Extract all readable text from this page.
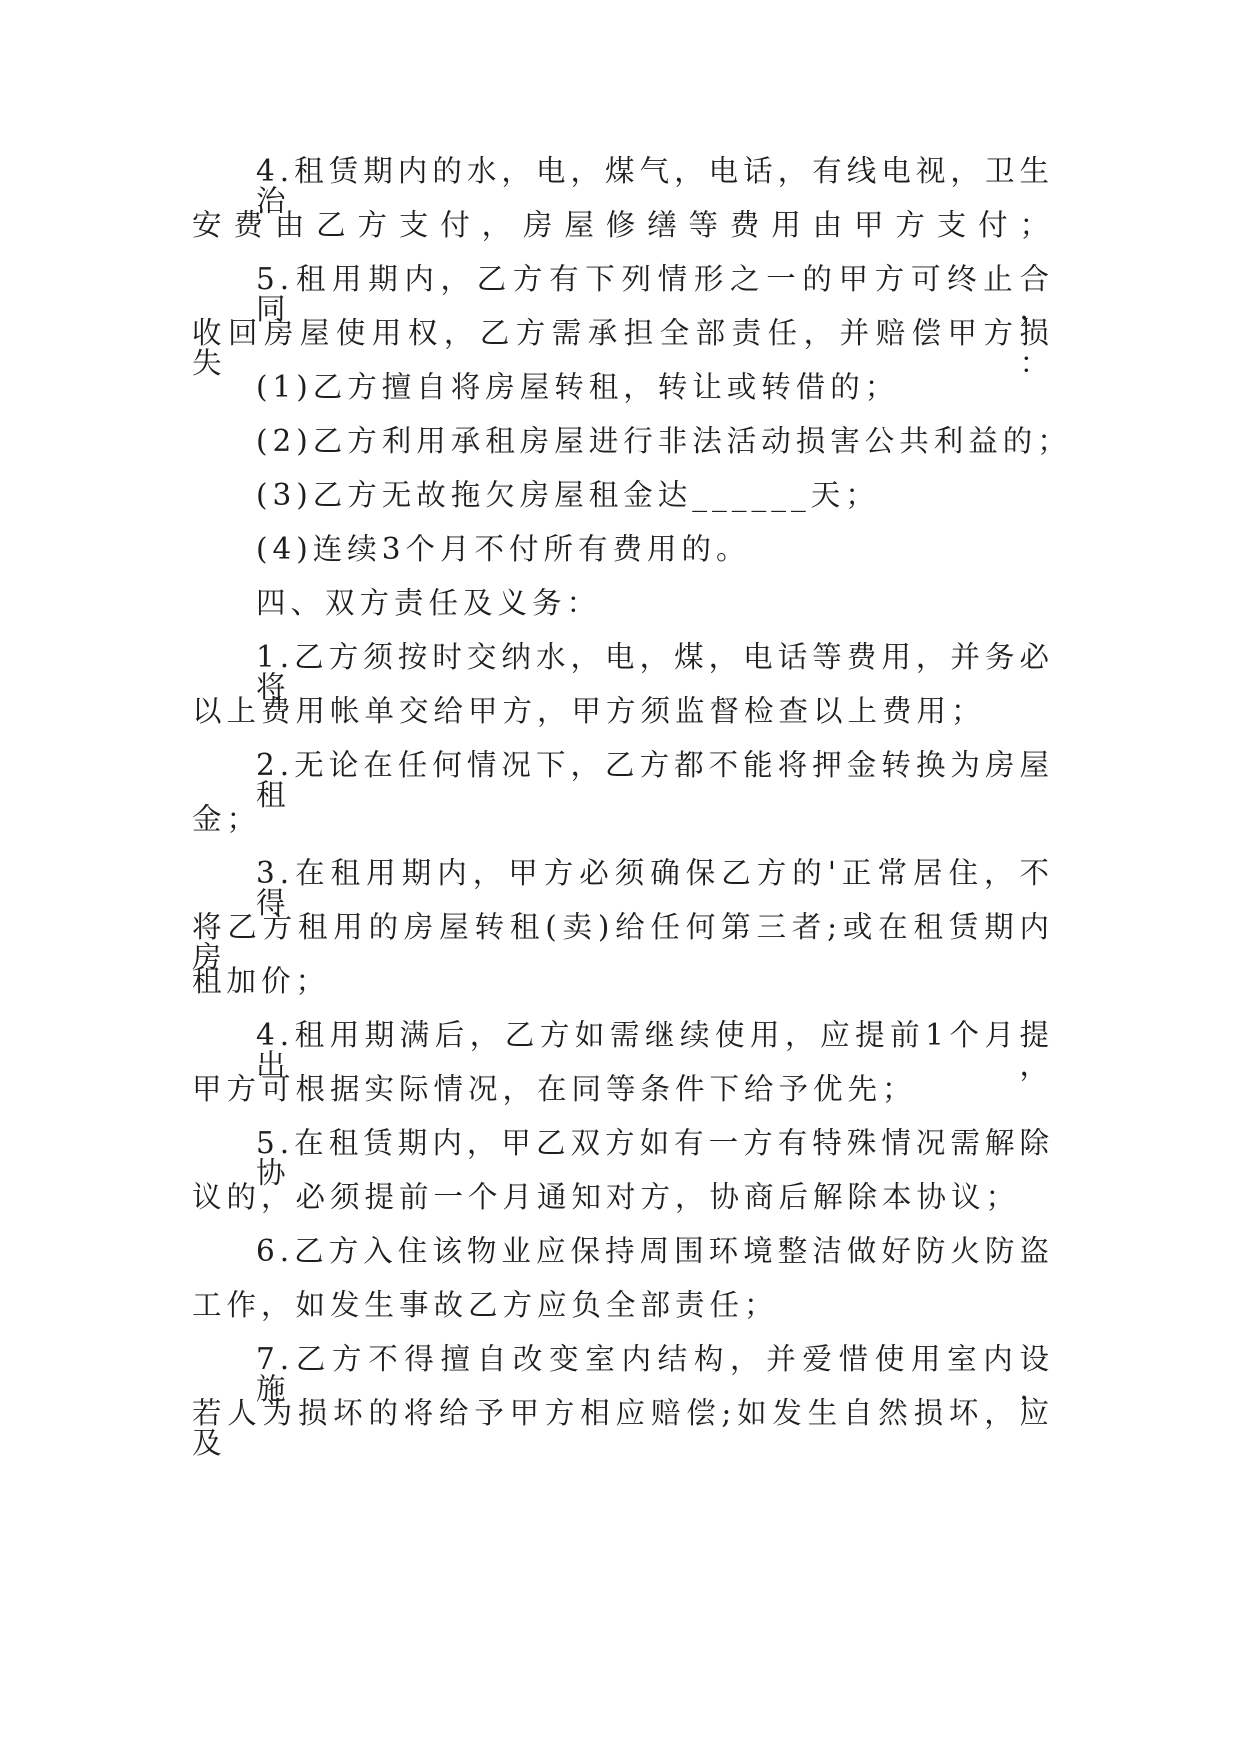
4.租赁期内的水，电，煤气，电话，有线电视，卫生治

安费由乙方支付，房屋修缮等费用由甲方支付；

5.租用期内，乙方有下列情形之一的甲方可终止合同，

收回房屋使用权，乙方需承担全部责任，并赔偿甲方损失：

(1)乙方擅自将房屋转租，转让或转借的；

(2)乙方利用承租房屋进行非法活动损害公共利益的；

(3)乙方无故拖欠房屋租金达______天；

(4)连续3个月不付所有费用的。

四、双方责任及义务：

1.乙方须按时交纳水，电，煤，电话等费用，并务必将

以上费用帐单交给甲方，甲方须监督检查以上费用；

2.无论在任何情况下，乙方都不能将押金转换为房屋租

金；

3.在租用期内，甲方必须确保乙方的'正常居住，不得

将乙方租用的房屋转租(卖)给任何第三者;或在租赁期内房

租加价；

4.租用期满后，乙方如需继续使用，应提前1个月提出，

甲方可根据实际情况，在同等条件下给予优先；

5.在租赁期内，甲乙双方如有一方有特殊情况需解除协

议的，必须提前一个月通知对方，协商后解除本协议；

6.乙方入住该物业应保持周围环境整洁做好防火防盗

工作，如发生事故乙方应负全部责任；

7.乙方不得擅自改变室内结构，并爱惜使用室内设施，

若人为损坏的将给予甲方相应赔偿;如发生自然损坏，应及
